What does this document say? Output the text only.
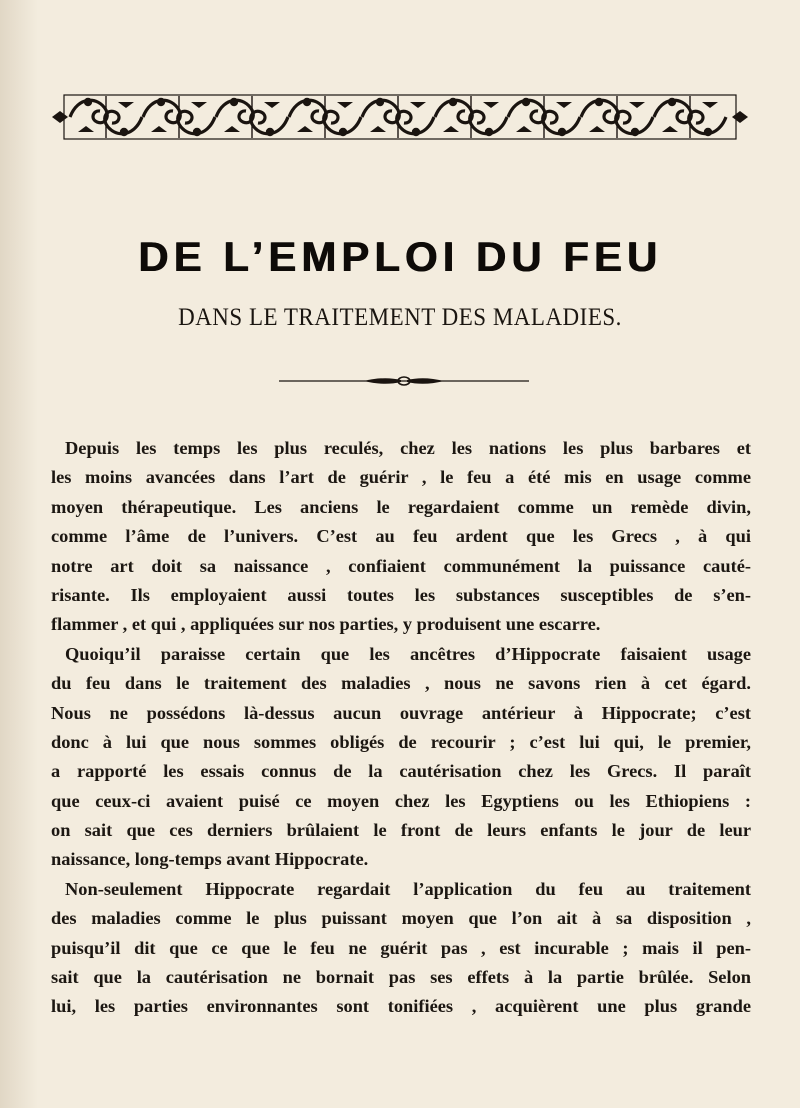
DE L’EMPLOI DU FEU
DANS LE TRAITEMENT DES MALADIES.
Depuis les temps les plus reculés, chez les nations les plus barbares et
les moins avancées dans l’art de guérir , le feu a été mis en usage comme
moyen thérapeutique. Les anciens le regardaient comme un remède divin,
comme l’âme de l’univers. C’est au feu ardent que les Grecs , à qui
notre art doit sa naissance , confiaient communément la puissance cauté-
risante. Ils employaient aussi toutes les substances susceptibles de s’en-
flammer , et qui , appliquées sur nos parties, y produisent une escarre.
Quoiqu’il paraisse certain que les ancêtres d’Hippocrate faisaient usage
du feu dans le traitement des maladies , nous ne savons rien à cet égard.
Nous ne possédons là-dessus aucun ouvrage antérieur à Hippocrate; c’est
donc à lui que nous sommes obligés de recourir ; c’est lui qui, le premier,
a rapporté les essais connus de la cautérisation chez les Grecs. Il paraît
que ceux-ci avaient puisé ce moyen chez les Egyptiens ou les Ethiopiens :
on sait que ces derniers brûlaient le front de leurs enfants le jour de leur
naissance, long-temps avant Hippocrate.
Non-seulement Hippocrate regardait l’application du feu au traitement
des maladies comme le plus puissant moyen que l’on ait à sa disposition ,
puisqu’il dit que ce que le feu ne guérit pas , est incurable ; mais il pen-
sait que la cautérisation ne bornait pas ses effets à la partie brûlée. Selon
lui, les parties environnantes sont tonifiées , acquièrent une plus grande
